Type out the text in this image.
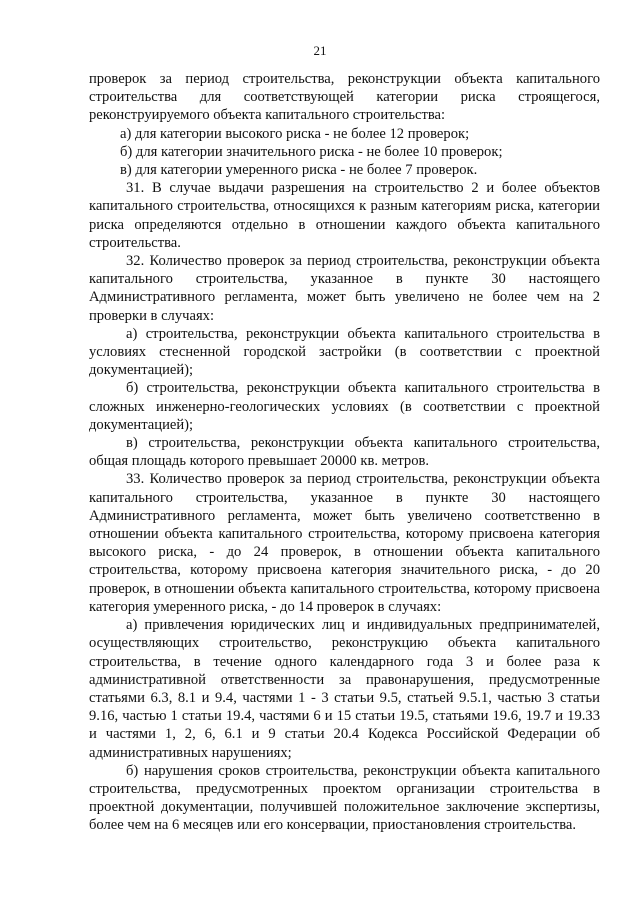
21

проверок за период строительства, реконструкции объекта капитального строительства для соответствующей категории риска строящегося, реконструируемого объекта капитального строительства:

а) для категории высокого риска - не более 12 проверок;

б) для категории значительного риска - не более 10 проверок;

в) для категории умеренного риска - не более 7 проверок.

31. В случае выдачи разрешения на строительство 2 и более объектов капитального строительства, относящихся к разным категориям риска, категории риска определяются отдельно в отношении каждого объекта капитального строительства.

32. Количество проверок за период строительства, реконструкции объекта капитального строительства, указанное в пункте 30 настоящего Административного регламента, может быть увеличено не более чем на 2 проверки в случаях:

а) строительства, реконструкции объекта капитального строительства в условиях стесненной городской застройки (в соответствии с проектной документацией);

б) строительства, реконструкции объекта капитального строительства в сложных инженерно-геологических условиях (в соответствии с проектной документацией);

в) строительства, реконструкции объекта капитального строительства, общая площадь которого превышает 20000 кв. метров.

33. Количество проверок за период строительства, реконструкции объекта капитального строительства, указанное в пункте 30 настоящего Административного регламента, может быть увеличено соответственно в отношении объекта капитального строительства, которому присвоена категория высокого риска, - до 24 проверок, в отношении объекта капитального строительства, которому присвоена категория значительного риска, - до 20 проверок, в отношении объекта капитального строительства, которому присвоена категория умеренного риска, - до 14 проверок в случаях:

а) привлечения юридических лиц и индивидуальных предпринимателей, осуществляющих строительство, реконструкцию объекта капитального строительства, в течение одного календарного года 3 и более раза к административной ответственности за правонарушения, предусмотренные статьями 6.3, 8.1 и 9.4, частями 1 - 3 статьи 9.5, статьей 9.5.1, частью 3 статьи 9.16, частью 1 статьи 19.4, частями 6 и 15 статьи 19.5, статьями 19.6, 19.7 и 19.33 и частями 1, 2, 6, 6.1 и 9 статьи 20.4 Кодекса Российской Федерации об административных нарушениях;

б) нарушения сроков строительства, реконструкции объекта капитального строительства, предусмотренных проектом организации строительства в проектной документации, получившей положительное заключение экспертизы, более чем на 6 месяцев или его консервации, приостановления строительства.
